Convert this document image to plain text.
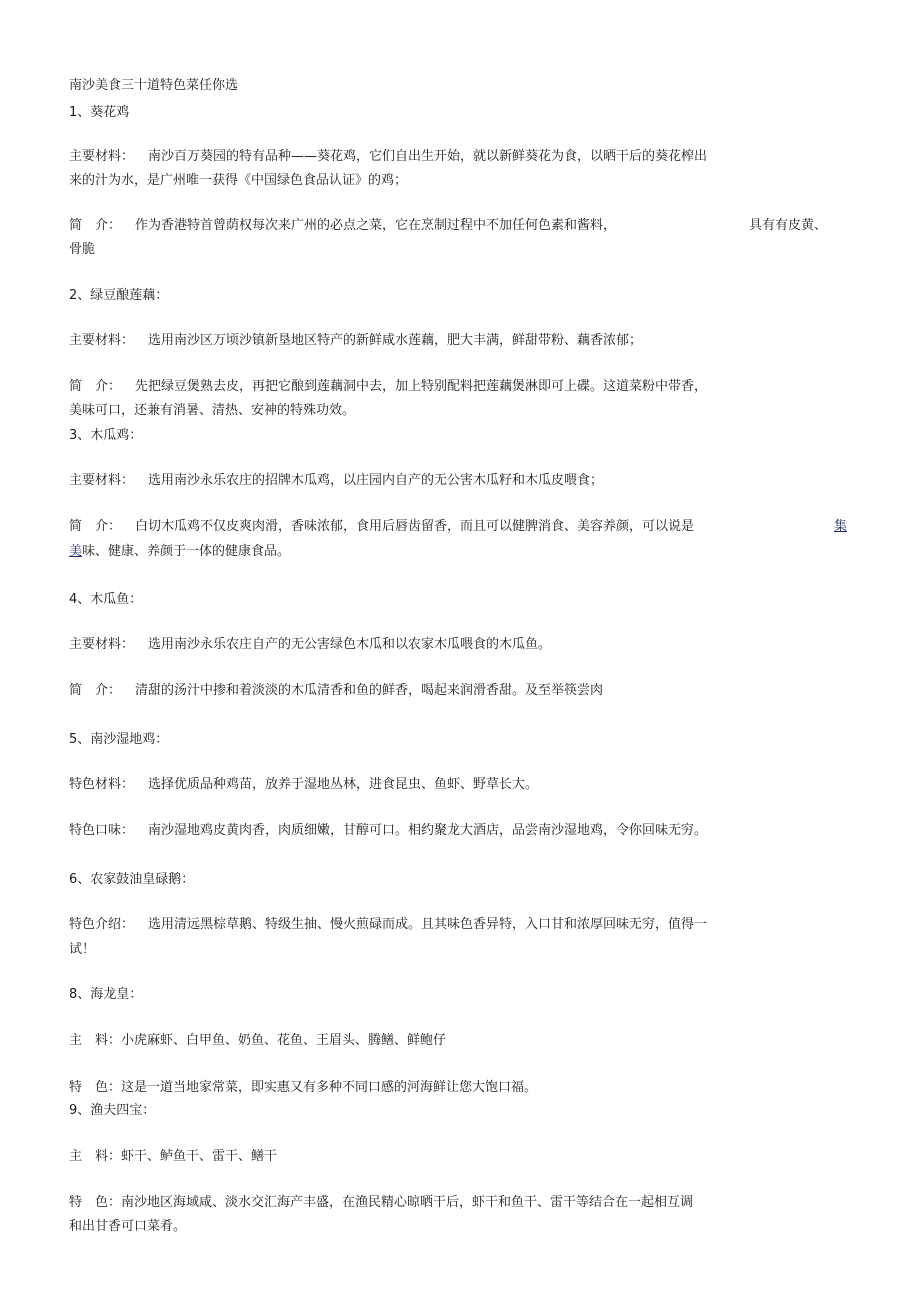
南沙美食三十道特色菜任你选
1、葵花鸡
主要材料： 南沙百万葵园的特有品种——葵花鸡，它们自出生开始，就以新鲜葵花为食，以晒干后的葵花榨出
来的汁为水，是广州唯一获得《中国绿色食品认证》的鸡；
简　介： 作为香港特首曾荫权每次来广州的必点之菜，它在烹制过程中不加任何色素和酱料，	具有有皮黄、
骨脆
2、绿豆酿莲藕：
主要材料： 选用南沙区万顷沙镇新垦地区特产的新鲜咸水莲藕，肥大丰满，鲜甜带粉、藕香浓郁；
简　介： 先把绿豆煲熟去皮，再把它酿到莲藕洞中去，加上特别配料把莲藕煲淋即可上碟。这道菜粉中带香，
美味可口，还兼有消暑、清热、安神的特殊功效。
3、木瓜鸡：
主要材料： 选用南沙永乐农庄的招牌木瓜鸡，以庄园内自产的无公害木瓜籽和木瓜皮喂食；
简　介： 白切木瓜鸡不仅皮爽肉滑，香味浓郁，食用后唇齿留香，而且可以健脾消食、美容养颜，可以说是	集
美味、健康、养颜于一体的健康食品。
4、木瓜鱼：
主要材料： 选用南沙永乐农庄自产的无公害绿色木瓜和以农家木瓜喂食的木瓜鱼。
简　介： 清甜的汤汁中掺和着淡淡的木瓜清香和鱼的鲜香，喝起来润滑香甜。及至举筷尝肉
5、南沙湿地鸡：
特色材料： 选择优质品种鸡苗，放养于湿地丛林，进食昆虫、鱼虾、野草长大。
特色口味： 南沙湿地鸡皮黄肉香，肉质细嫩，甘醇可口。相约聚龙大酒店，品尝南沙湿地鸡，令你回味无穷。
6、农家鼓油皇碌鹅：
特色介绍： 选用清远黑棕草鹅、特级生抽、慢火煎碌而成。且其味色香异特，入口甘和浓厚回味无穷，值得一
试！
8、海龙皇：
主　料：小虎麻虾、白甲鱼、奶鱼、花鱼、王眉头、腾鳝、鲜鲍仔
特　色：这是一道当地家常菜，即实惠又有多种不同口感的河海鲜让您大饱口福。
9、渔夫四宝：
主　料：虾干、鲈鱼干、雷干、鳝干
特　色：南沙地区海域咸、淡水交汇海产丰盛，在渔民精心晾晒干后，虾干和鱼干、雷干等结合在一起相互调
和出甘香可口菜肴。
